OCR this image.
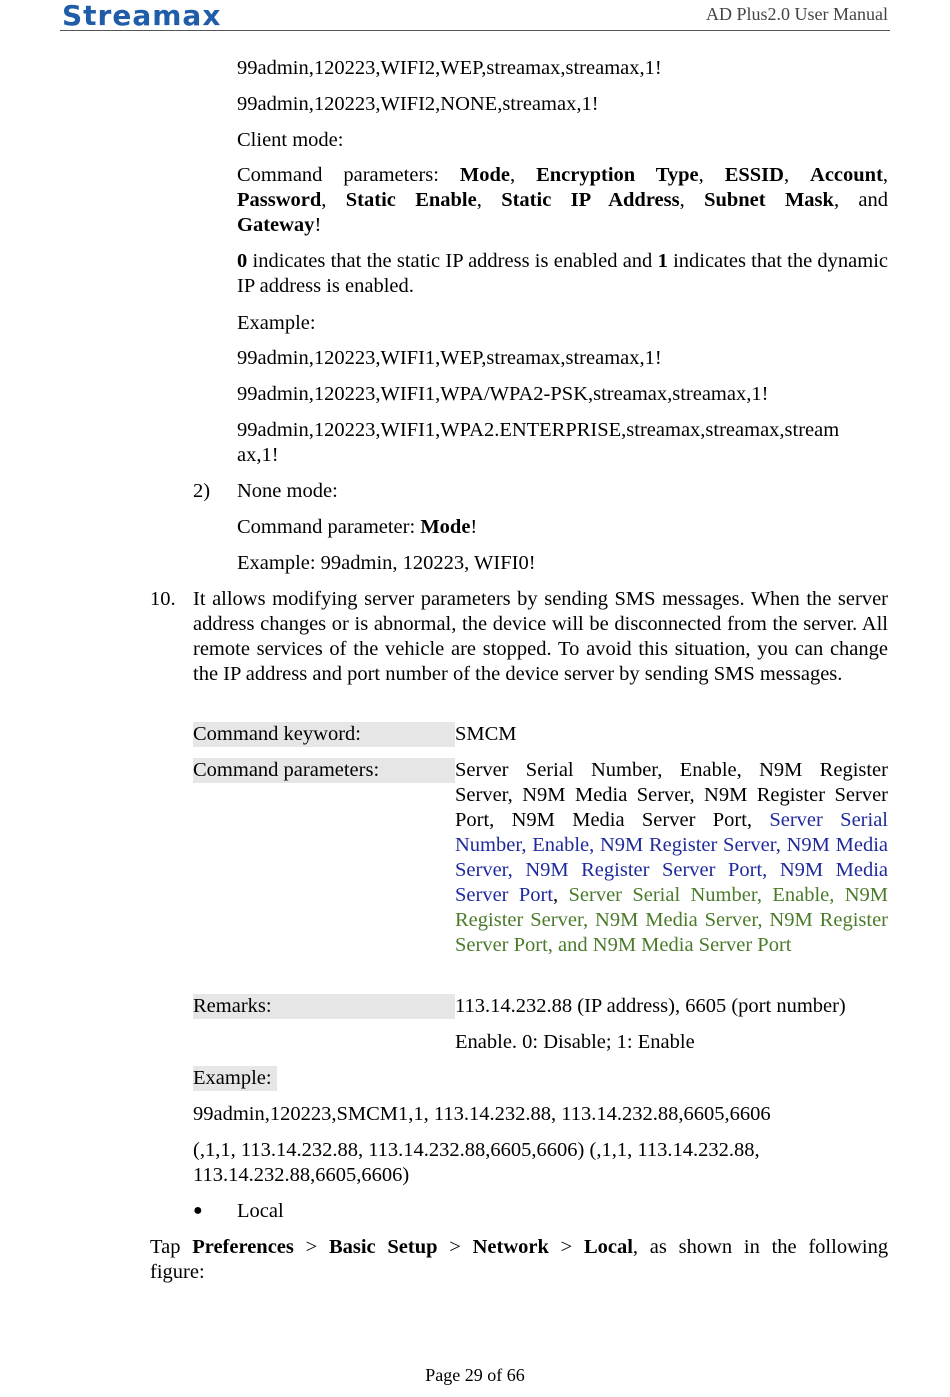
Streamax	AD Plus2.0 User Manual
99admin,120223,WIFI2,WEP,streamax,streamax,1!
99admin,120223,WIFI2,NONE,streamax,1!
Client mode:
Command parameters: Mode, Encryption Type, ESSID, Account, Password, Static Enable, Static IP Address, Subnet Mask, and Gateway!
0 indicates that the static IP address is enabled and 1 indicates that the dynamic IP address is enabled.
Example:
99admin,120223,WIFI1,WEP,streamax,streamax,1!
99admin,120223,WIFI1,WPA/WPA2-PSK,streamax,streamax,1!
99admin,120223,WIFI1,WPA2.ENTERPRISE,streamax,streamax,stream
ax,1!
2) None mode:
Command parameter: Mode!
Example: 99admin, 120223, WIFI0!
10. It allows modifying server parameters by sending SMS messages. When the server address changes or is abnormal, the device will be disconnected from the server. All remote services of the vehicle are stopped. To avoid this situation, you can change the IP address and port number of the device server by sending SMS messages.
Command keyword:	SMCM
Command parameters:	Server Serial Number, Enable, N9M Register Server, N9M Media Server, N9M Register Server Port, N9M Media Server Port, Server Serial Number, Enable, N9M Register Server, N9M Media Server, N9M Register Server Port, N9M Media Server Port, Server Serial Number, Enable, N9M Register Server, N9M Media Server, N9M Register Server Port, and N9M Media Server Port
Remarks:	113.14.232.88 (IP address), 6605 (port number)
Enable. 0: Disable; 1: Enable
Example:
99admin,120223,SMCM1,1, 113.14.232.88, 113.14.232.88,6605,6606
(,1,1, 113.14.232.88, 113.14.232.88,6605,6606) (,1,1, 113.14.232.88,
113.14.232.88,6605,6606)
● Local
Tap Preferences > Basic Setup > Network > Local, as shown in the following figure:
Page 29 of 66
